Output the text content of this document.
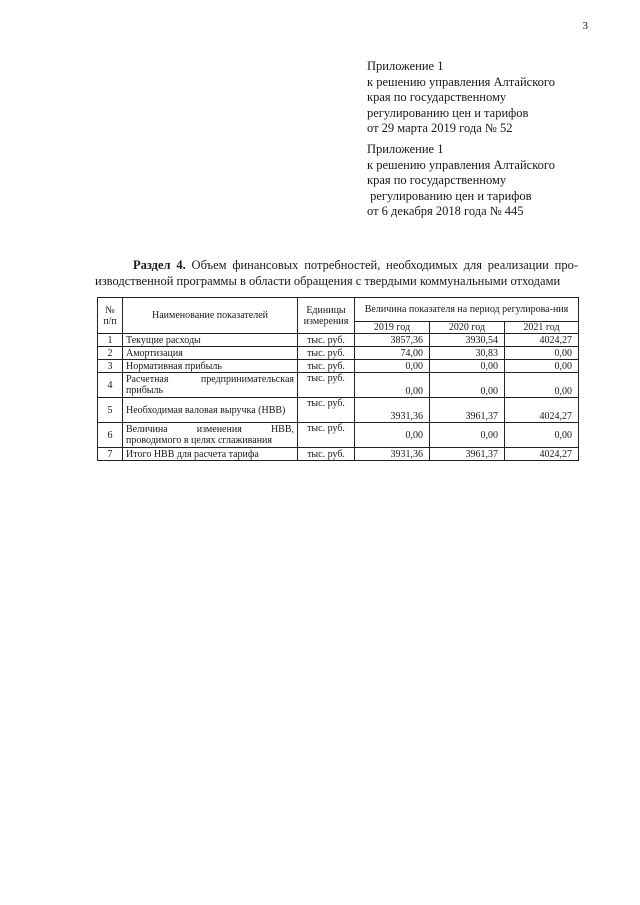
3
Приложение 1
к решению управления Алтайского
края по государственному
регулированию цен и тарифов
от 29 марта 2019 года № 52
Приложение 1
к решению управления Алтайского
края по государственному
регулированию цен и тарифов
от 6 декабря 2018 года № 445
Раздел 4. Объем финансовых потребностей, необходимых для реализации про-
изводственной программы в области обращения с твердыми коммунальными отходами
№ п/п	Наименование показателей	Единицы измерения	Величина показателя на период регулирова-ния		
			2019 год	2020 год	2021 год
1	Текущие расходы	тыс. руб.	3857,36	3930,54	4024,27
2	Амортизация	тыс. руб.	74,00	30,83	0,00
3	Нормативная прибыль	тыс. руб.	0,00	0,00	0,00
4	Расчетная предпринимательская прибыль	тыс. руб.	0,00	0,00	0,00
5	Необходимая валовая выручка (НВВ)	тыс. руб.	3931,36	3961,37	4024,27
6	Величина изменения НВВ, проводимого в целях сглаживания	тыс. руб.	0,00	0,00	0,00
7	Итого НВВ для расчета тарифа	тыс. руб.	3931,36	3961,37	4024,27
